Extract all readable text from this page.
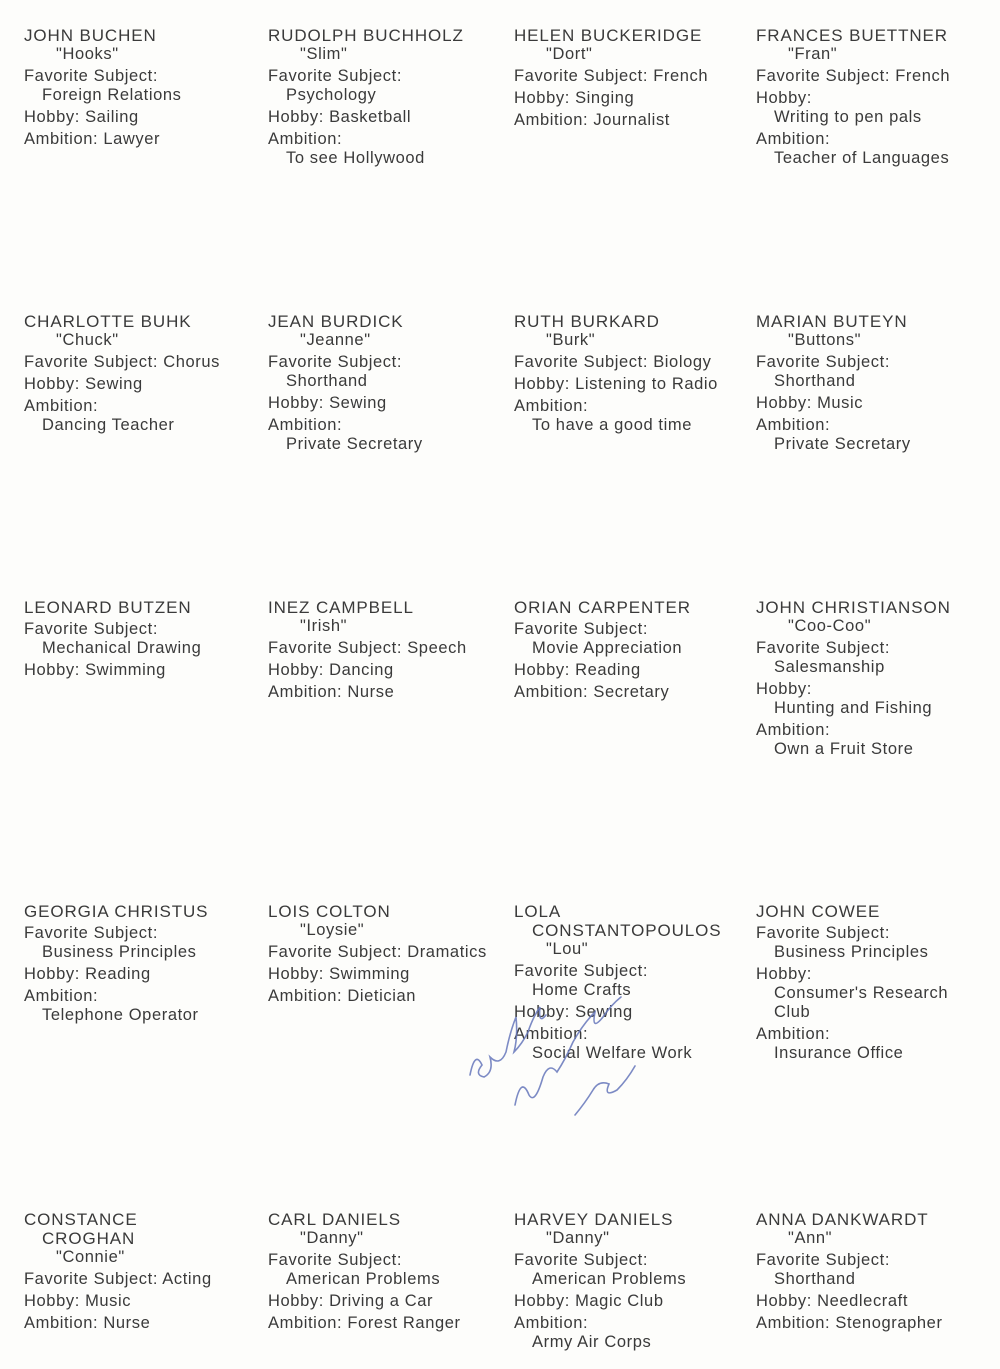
JOHN BUCHEN
"Hooks"
Favorite Subject:
Foreign Relations
Hobby: Sailing
Ambition: Lawyer
RUDOLPH BUCHHOLZ
"Slim"
Favorite Subject:
Psychology
Hobby: Basketball
Ambition:
To see Hollywood
HELEN BUCKERIDGE
"Dort"
Favorite Subject: French
Hobby: Singing
Ambition: Journalist
FRANCES BUETTNER
"Fran"
Favorite Subject: French
Hobby:
Writing to pen pals
Ambition:
Teacher of Languages
CHARLOTTE BUHK
"Chuck"
Favorite Subject: Chorus
Hobby: Sewing
Ambition:
Dancing Teacher
JEAN BURDICK
"Jeanne"
Favorite Subject:
Shorthand
Hobby: Sewing
Ambition:
Private Secretary
RUTH BURKARD
"Burk"
Favorite Subject: Biology
Hobby: Listening to Radio
Ambition:
To have a good time
MARIAN BUTEYN
"Buttons"
Favorite Subject:
Shorthand
Hobby: Music
Ambition:
Private Secretary
LEONARD BUTZEN
Favorite Subject:
Mechanical Drawing
Hobby: Swimming
INEZ CAMPBELL
"Irish"
Favorite Subject: Speech
Hobby: Dancing
Ambition: Nurse
ORIAN CARPENTER
Favorite Subject:
Movie Appreciation
Hobby: Reading
Ambition: Secretary
JOHN CHRISTIANSON
"Coo-Coo"
Favorite Subject:
Salesmanship
Hobby:
Hunting and Fishing
Ambition:
Own a Fruit Store
GEORGIA CHRISTUS
Favorite Subject:
Business Principles
Hobby: Reading
Ambition:
Telephone Operator
LOIS COLTON
"Loysie"
Favorite Subject: Dramatics
Hobby: Swimming
Ambition: Dietician
LOLA
CONSTANTOPOULOS
"Lou"
Favorite Subject:
Home Crafts
Hobby: Sewing
Ambition:
Social Welfare Work
JOHN COWEE
Favorite Subject:
Business Principles
Hobby:
Consumer's Research Club
Ambition:
Insurance Office
CONSTANCE
CROGHAN
"Connie"
Favorite Subject: Acting
Hobby: Music
Ambition: Nurse
CARL DANIELS
"Danny"
Favorite Subject:
American Problems
Hobby: Driving a Car
Ambition: Forest Ranger
HARVEY DANIELS
"Danny"
Favorite Subject:
American Problems
Hobby: Magic Club
Ambition:
Army Air Corps
ANNA DANKWARDT
"Ann"
Favorite Subject:
Shorthand
Hobby: Needlecraft
Ambition: Stenographer
